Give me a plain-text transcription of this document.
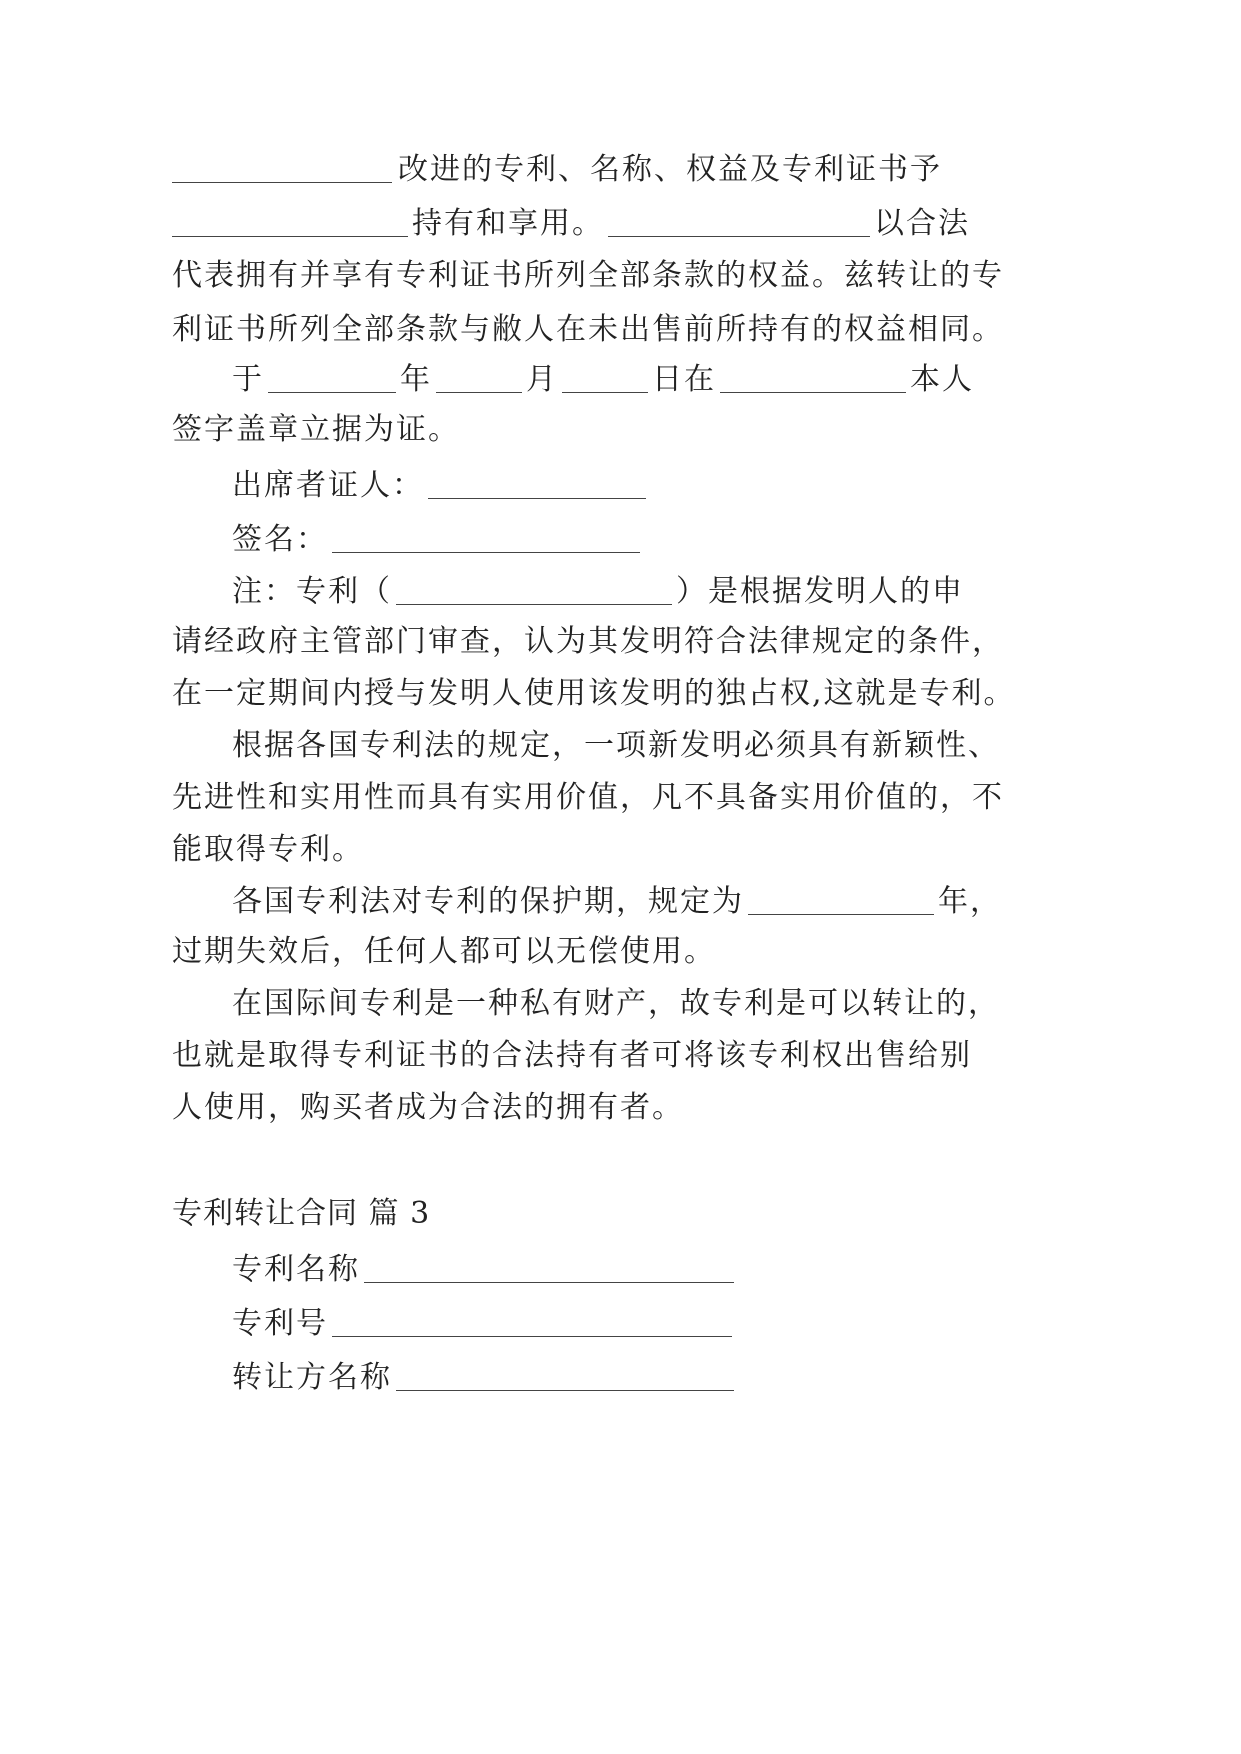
改进的专利、名称、权益及专利证书予
持有和享用。	以合法
代表拥有并享有专利证书所列全部条款的权益。兹转让的专
利证书所列全部条款与敝人在未出售前所持有的权益相同。
于	年	月	日在	本人
签字盖章立据为证。
出席者证人：
签名：
注：专利（	）是根据发明人的申
请经政府主管部门审查，认为其发明符合法律规定的条件，
在一定期间内授与发明人使用该发明的独占权,这就是专利。
根据各国专利法的规定，一项新发明必须具有新颖性、
先进性和实用性而具有实用价值，凡不具备实用价值的，不
能取得专利。
各国专利法对专利的保护期，规定为	年，
过期失效后，任何人都可以无偿使用。
在国际间专利是一种私有财产，故专利是可以转让的，
也就是取得专利证书的合法持有者可将该专利权出售给别
人使用，购买者成为合法的拥有者。
专利转让合同 篇 3
专利名称
专利号
转让方名称
